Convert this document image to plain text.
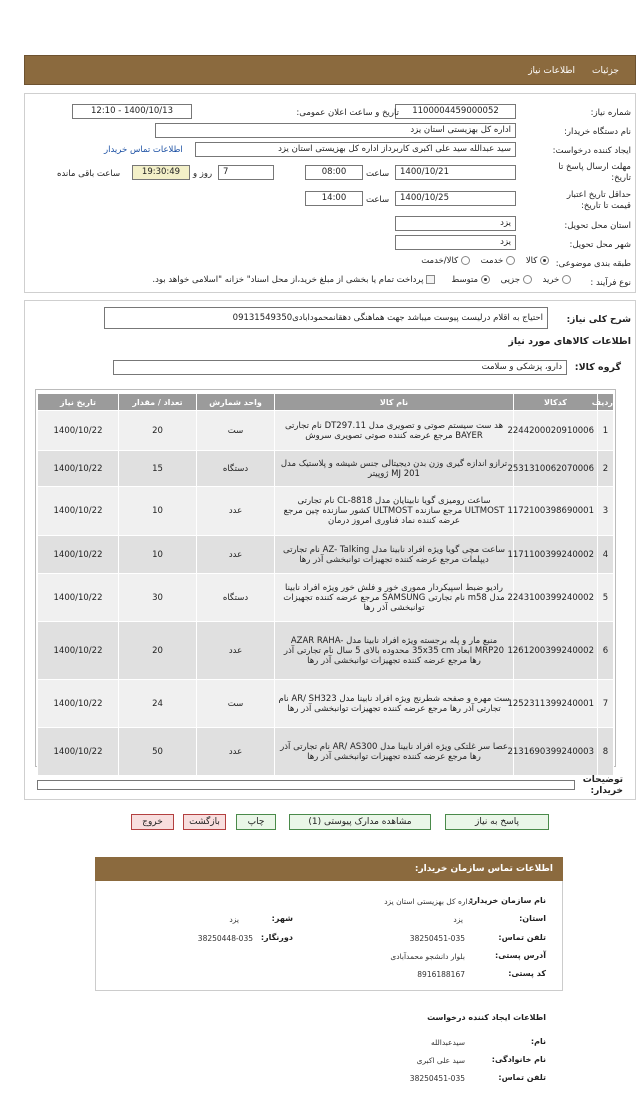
جزئیات
اطلاعات نیاز
شماره نیاز:
1100004459000052
تاریخ و ساعت اعلان عمومی:
1400/10/13 - 12:10
نام دستگاه خریدار:
اداره کل بهزیستی استان یزد
ایجاد کننده درخواست:
سید عبدالله سید علی اکبری کاربرداز اداره کل بهزیستی استان یزد
اطلاعات تماس خریدار
مهلت ارسال پاسخ تا تاریخ:
1400/10/21
ساعت
08:00
7
روز و
19:30:49
ساعت باقی مانده
حداقل تاریخ اعتبار قیمت تا تاریخ:
1400/10/25
ساعت
14:00
استان محل تحویل:
یزد
شهر محل تحویل:
یزد
طبقه بندی موضوعی:
کالا     خدمت     کالا/خدمت
نوع فرآیند :
خرید     جزیی     متوسط       پرداخت تمام یا بخشی از مبلغ خرید،از محل اسناد" خزانه "اسلامی خواهد بود.
شرح کلی نیاز:
احتیاج به اقلام درلیست پیوست میباشد جهت هماهنگی دهقانمحمودابادی09131549350
اطلاعات کالاهای مورد نیاز
گروه کالا:
دارو، پزشکی و سلامت
ردیف	کدکالا	نام کالا	واحد شمارش	تعداد / مقدار	تاریخ نیاز
1	2244200020910006	هد ست سیستم صوتی و تصویری مدل DT297.11 نام تجارتی BAYER مرجع عرضه کننده صوتی تصویری سروش	ست	20	1400/10/22
2	2531310062070006	ترازو اندازه گیری وزن بدن دیجیتالی جنس شیشه و پلاستیک مدل MJ 201 ژوپیتر	دستگاه	15	1400/10/22
3	1172100398690001	ساعت رومیزی گویا نابینایان مدل CL-8818 نام تجارتی ULTMOST مرجع سازنده ULTMOST کشور سازنده چین مرجع عرضه کننده نماد فناوری امروز درمان	عدد	10	1400/10/22
4	1171100399240002	ساعت مچی گویا ویژه افراد نابینا مدل AZ- Talking نام تجارتی دیپلمات مرجع عرضه کننده تجهیزات توانبخشی آذر رها	عدد	10	1400/10/22
5	2243100399240002	رادیو ضبط اسپیکردار مموری خور و فلش خور ویژه افراد نابینا مدل m58 نام تجارتی SAMSUNG مرجع عرضه کننده تجهیزات توانبخشی آذر رها	دستگاه	30	1400/10/22
6	1261200399240002	منبع مار و پله برجسته ویژه افراد نابینا مدل AZAR RAHA- MRP20 ابعاد 35x35 cm محدوده بالای 5 سال نام تجارتی آذر رها مرجع عرضه کننده تجهیزات توانبخشی آذر رها	عدد	20	1400/10/22
7	1252311399240001	ست مهره و صفحه شطرنج ویژه افراد نابینا مدل AR/ SH323 نام تجارتی آذر رها مرجع عرضه کننده تجهیزات توانبخشی آذر رها	ست	24	1400/10/22
8	2131690399240003	عصا سر غلتکی ویژه افراد نابینا مدل AR/ AS300 نام تجارتی آذر رها مرجع عرضه کننده تجهیزات توانبخشی آذر رها	عدد	50	1400/10/22
توضیحات خریدار:
پاسخ به نیاز
مشاهده مدارک پیوستی (1)
چاپ
بازگشت
خروج
اطلاعات تماس سازمان خریدار:
نام سازمان خریدار:
اداره کل بهزیستی استان یزد
استان:
یزد
شهر:
یزد
تلفن تماس:
38250451-035
دورنگار:
38250448-035
آدرس پستی:
بلوار دانشجو محمدآبادی
کد پستی:
8916188167
اطلاعات ایجاد کننده درخواست
نام:
سیدعبدالله
نام خانوادگی:
سید علی اکبری
تلفن تماس:
38250451-035
